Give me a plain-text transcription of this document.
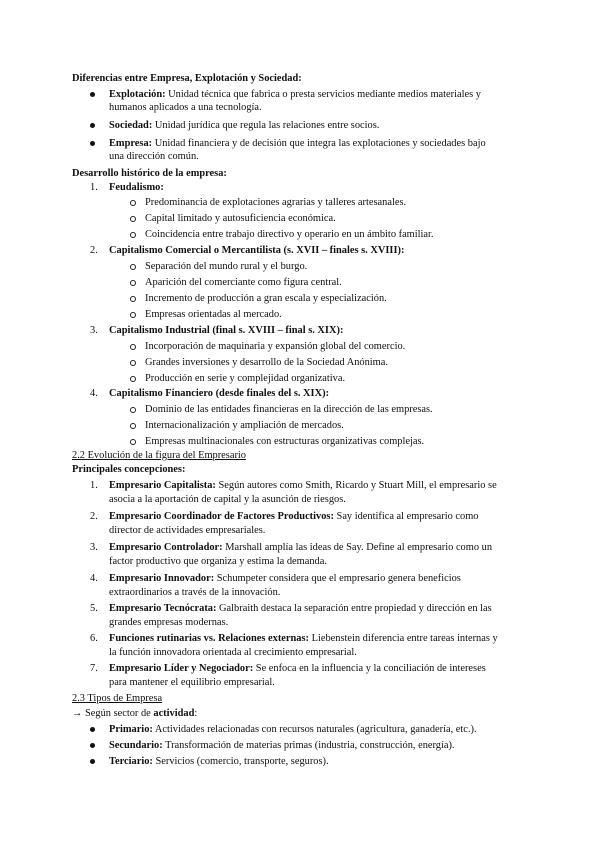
Diferencias entre Empresa, Explotación y Sociedad:
Explotación: Unidad técnica que fabrica o presta servicios mediante medios materiales y
humanos aplicados a una tecnología.
Sociedad: Unidad jurídica que regula las relaciones entre socios.
Empresa: Unidad financiera y de decisión que integra las explotaciones y sociedades bajo
una dirección común.
Desarrollo histórico de la empresa:
1. Feudalismo:
Predominancia de explotaciones agrarias y talleres artesanales.
Capital limitado y autosuficiencia económica.
Coincidencia entre trabajo directivo y operario en un ámbito familiar.
2. Capitalismo Comercial o Mercantilista (s. XVII – finales s. XVIII):
Separación del mundo rural y el burgo.
Aparición del comerciante como figura central.
Incremento de producción a gran escala y especialización.
Empresas orientadas al mercado.
3. Capitalismo Industrial (final s. XVIII – final s. XIX):
Incorporación de maquinaria y expansión global del comercio.
Grandes inversiones y desarrollo de la Sociedad Anónima.
Producción en serie y complejidad organizativa.
4. Capitalismo Financiero (desde finales del s. XIX):
Dominio de las entidades financieras en la dirección de las empresas.
Internacionalización y ampliación de mercados.
Empresas multinacionales con estructuras organizativas complejas.
2.2 Evolución de la figura del Empresario
Principales concepciones:
1. Empresario Capitalista: Según autores como Smith, Ricardo y Stuart Mill, el empresario se
asocia a la aportación de capital y la asunción de riesgos.
2. Empresario Coordinador de Factores Productivos: Say identifica al empresario como
director de actividades empresariales.
3. Empresario Controlador: Marshall amplía las ideas de Say. Define al empresario como un
factor productivo que organiza y estima la demanda.
4. Empresario Innovador: Schumpeter considera que el empresario genera beneficios
extraordinarios a través de la innovación.
5. Empresario Tecnócrata: Galbraith destaca la separación entre propiedad y dirección en las
grandes empresas modernas.
6. Funciones rutinarias vs. Relaciones externas: Liebenstein diferencia entre tareas internas y
la función innovadora orientada al crecimiento empresarial.
7. Empresario Líder y Negociador: Se enfoca en la influencia y la conciliación de intereses
para mantener el equilibrio empresarial.
2.3 Tipos de Empresa
→ Según sector de actividad:
Primario: Actividades relacionadas con recursos naturales (agricultura, ganadería, etc.).
Secundario: Transformación de materias primas (industria, construcción, energía).
Terciario: Servicios (comercio, transporte, seguros).
